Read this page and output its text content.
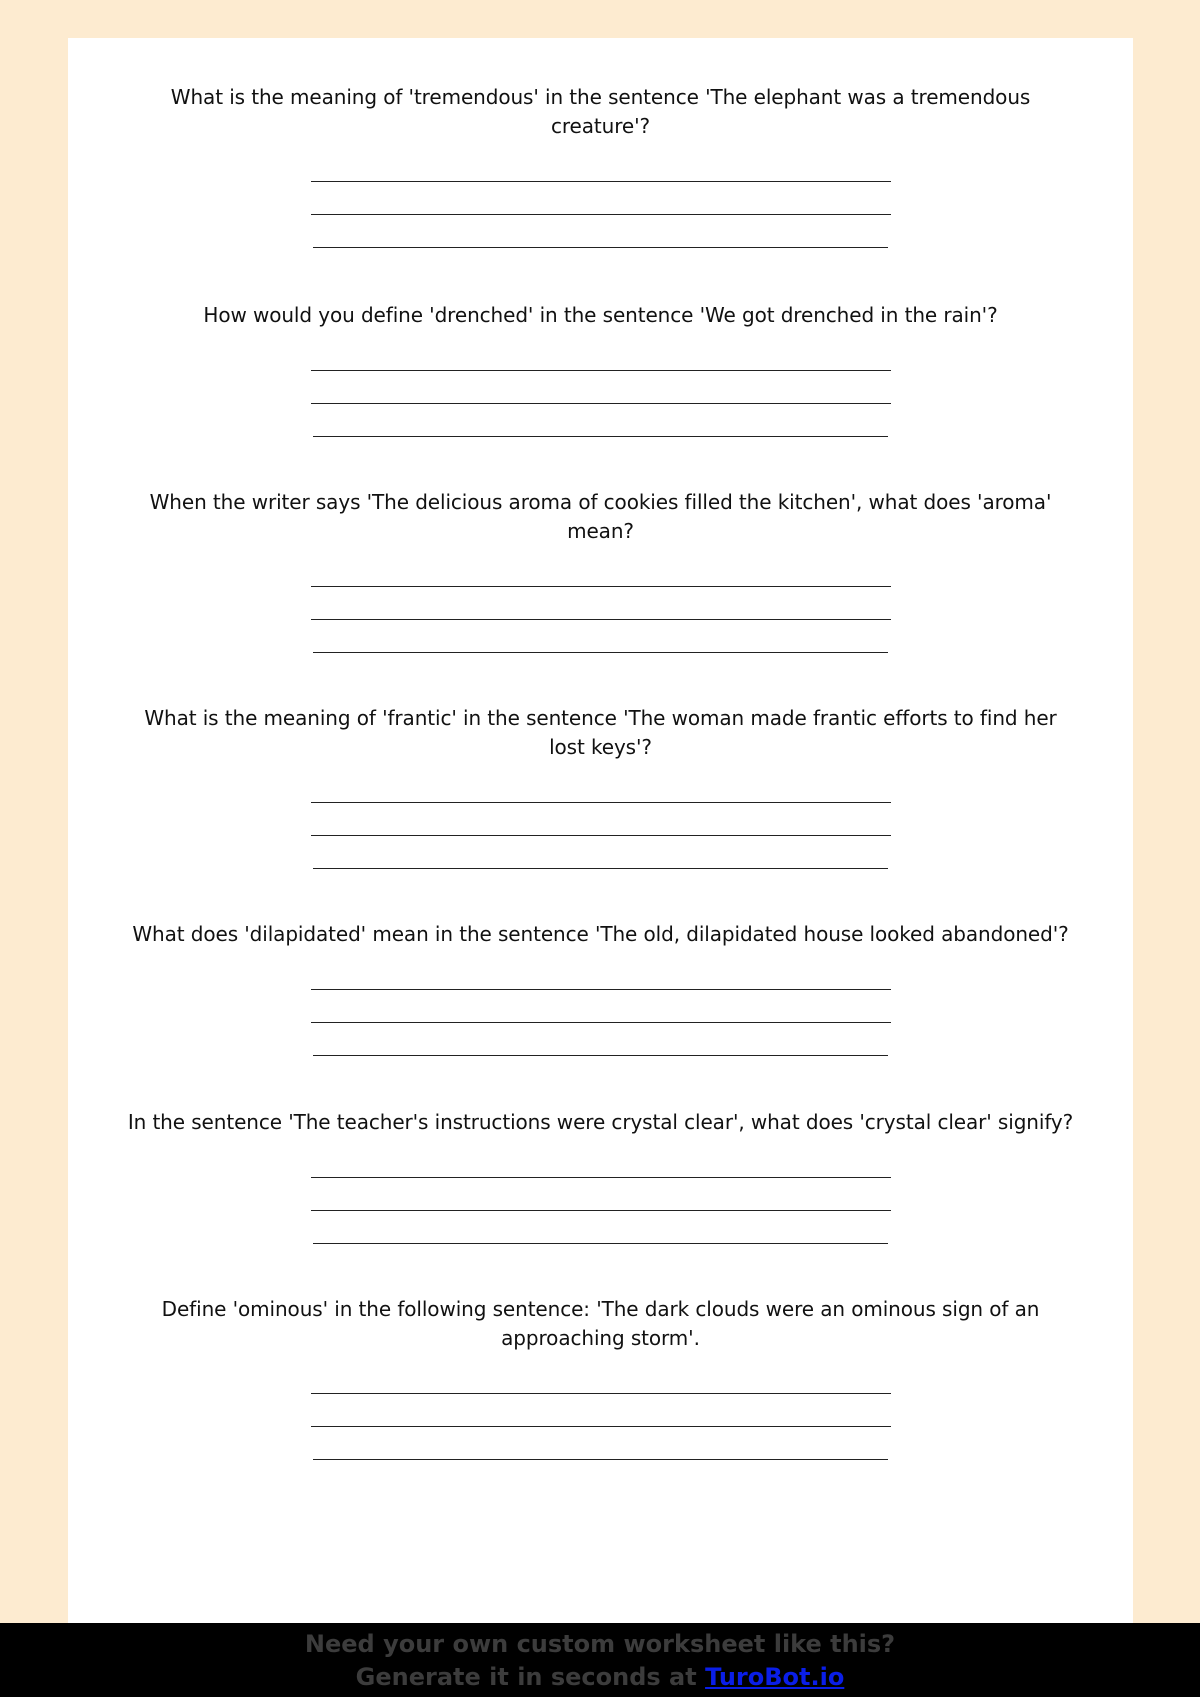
What is the meaning of 'tremendous' in the sentence 'The elephant was a tremendous creature'?

How would you define 'drenched' in the sentence 'We got drenched in the rain'?

When the writer says 'The delicious aroma of cookies filled the kitchen', what does 'aroma' mean?

What is the meaning of 'frantic' in the sentence 'The woman made frantic efforts to find her lost keys'?

What does 'dilapidated' mean in the sentence 'The old, dilapidated house looked abandoned'?

In the sentence 'The teacher's instructions were crystal clear', what does 'crystal clear' signify?

Define 'ominous' in the following sentence: 'The dark clouds were an ominous sign of an approaching storm'.

Need your own custom worksheet like this?
Generate it in seconds at TuroBot.io
